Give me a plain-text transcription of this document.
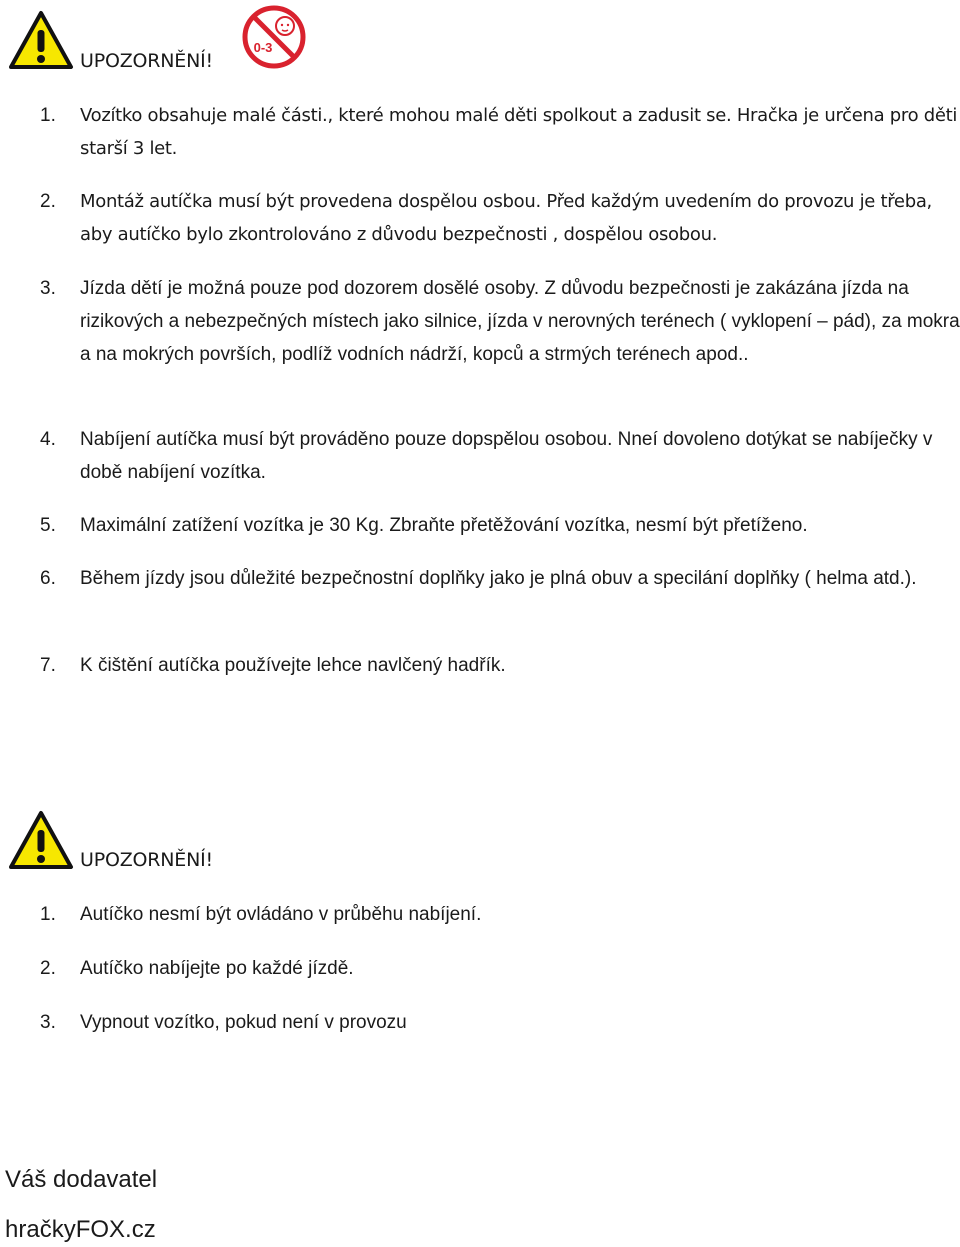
UPOZORNĚNÍ!
0-3
1. Vozítko obsahuje malé části., které mohou malé děti spolkout a zadusit se. Hračka je určena pro děti starší 3 let.
2. Montáž autíčka musí být provedena dospělou osbou. Před každým uvedením do provozu je třeba, aby autíčko bylo zkontrolováno z důvodu bezpečnosti , dospělou osobou.
3. Jízda dětí je možná pouze pod dozorem dosělé osoby. Z důvodu bezpečnosti je zakázána jízda na rizikových a nebezpečných místech jako silnice, jízda v nerovných terénech ( vyklopení – pád), za mokra a na mokrých površích, podlíž vodních nádrží, kopců a strmých terénech apod..
4. Nabíjení autíčka musí být prováděno pouze dopspělou osobou. Nneí dovoleno dotýkat se nabíječky v době nabíjení vozítka.
5. Maximální zatížení vozítka je 30 Kg. Zbraňte přetěžování vozítka, nesmí být přetíženo.
6. Během jízdy jsou důležité bezpečnostní doplňky jako je plná obuv a specilání doplňky ( helma atd.).
7. K čištění autíčka používejte lehce navlčený hadřík.
UPOZORNĚNÍ!
1. Autíčko nesmí být ovládáno v průběhu nabíjení.
2. Autíčko nabíjejte po každé jízdě.
3. Vypnout vozítko, pokud není v provozu
Váš dodavatel
hračkyFOX.cz
